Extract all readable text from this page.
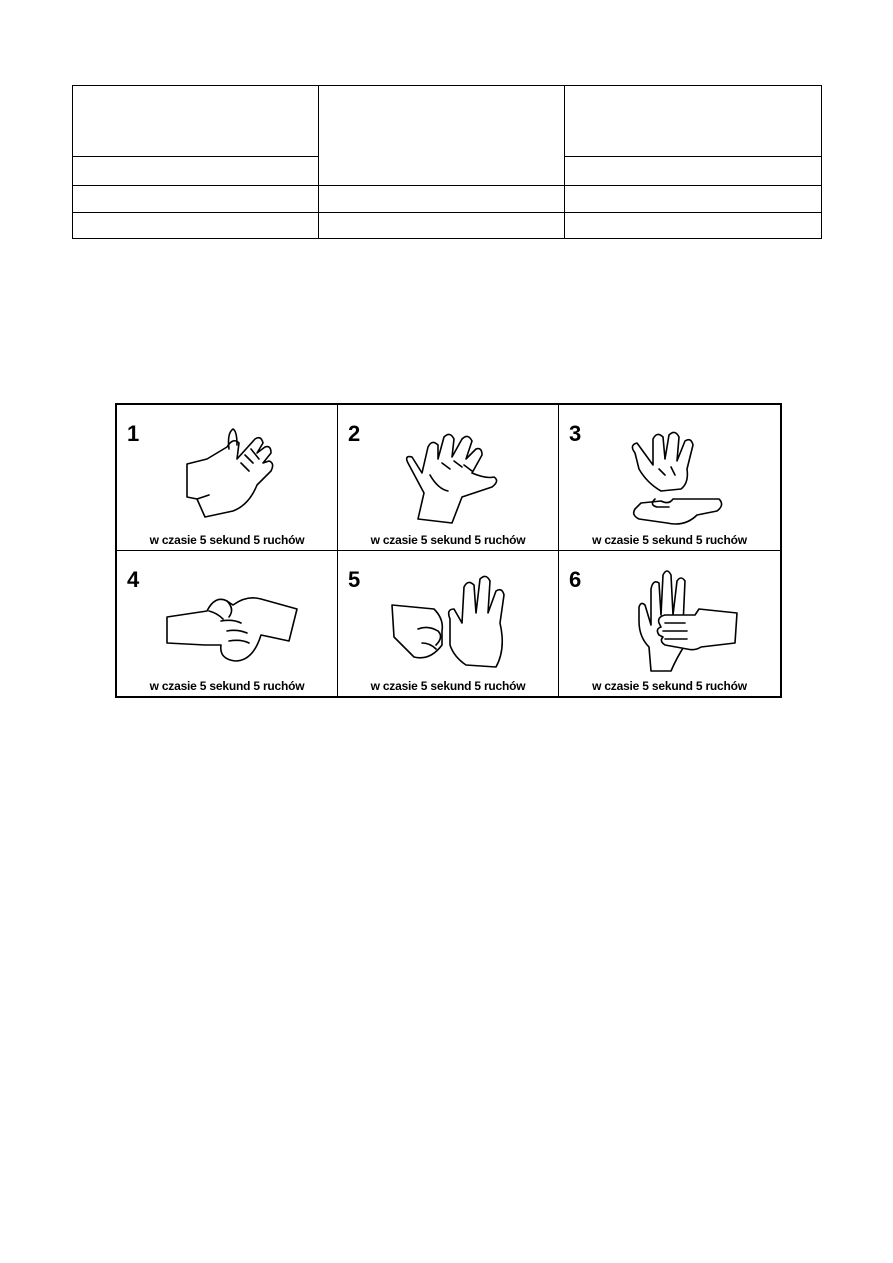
1
w czasie 5 sekund 5 ruchów
2
w czasie 5 sekund 5 ruchów
3
w czasie 5 sekund 5 ruchów
4
w czasie 5 sekund 5 ruchów
5
w czasie 5 sekund 5 ruchów
6
w czasie 5 sekund 5 ruchów
